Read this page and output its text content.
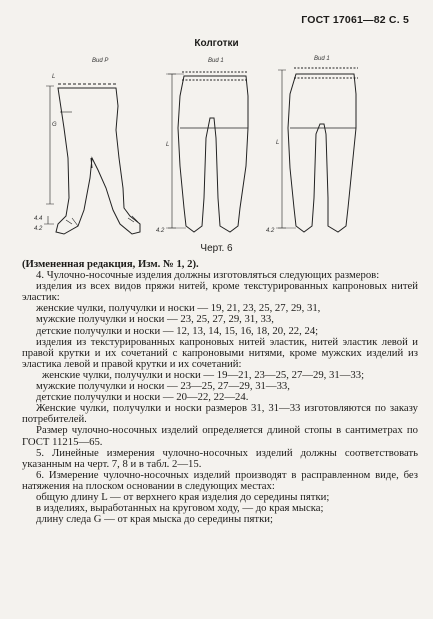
ГОСТ 17061—82 С. 5
Колготки
Bud P
L
G
4.4
4.2
Bud 1
L
4.2
Bud 1
L
4.2
Черт. 6

(Измененная редакция, Изм. № 1, 2).

4. Чулочно-носочные изделия должны изготовляться следующих размеров:

изделия из всех видов пряжи нитей, кроме текстурированных капроновых нитей эластик:

женские чулки, получулки и носки — 19, 21, 23, 25, 27, 29, 31,

мужские получулки и носки — 23, 25, 27, 29, 31, 33,

детские получулки и носки — 12, 13, 14, 15, 16, 18, 20, 22, 24;

изделия из текстурированных капроновых нитей эластик, нитей эластик левой и правой крутки и их сочетаний с капроновыми нитями, кроме мужских изделий из эластика левой и правой крутки и их сочетаний:

женские чулки, получулки и носки — 19—21, 23—25, 27—29, 31—33;

мужские получулки и носки — 23—25, 27—29, 31—33,

детские получулки и носки — 20—22, 22—24.

Женские чулки, получулки и носки размеров 31, 31—33 изготовляются по заказу потребителей.

Размер чулочно-носочных изделий определяется длиной стопы в сантиметрах по ГОСТ 11215—65.

5. Линейные измерения чулочно-носочных изделий должны соответствовать указанным на черт. 7, 8 и в табл. 2—15.

6. Измерение чулочно-носочных изделий производят в расправленном виде, без натяжения на плоском основании в следующих местах:

общую длину L — от верхнего края изделия до середины пятки;

в изделиях, выработанных на круговом ходу, — до края мыска;

длину следа G — от края мыска до середины пятки;
